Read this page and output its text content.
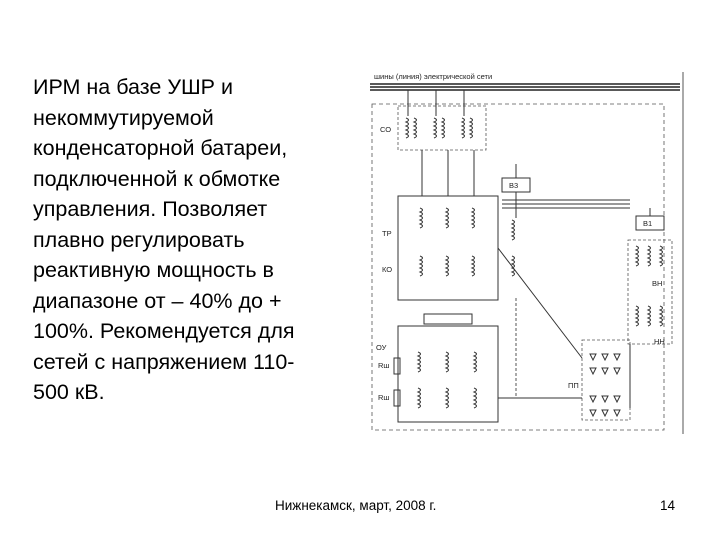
ИРМ на базе УШР и
некоммутируемой
конденсаторной батареи,
подключенной к обмотке
управления. Позволяет
плавно регулировать
реактивную мощность в
диапазоне от – 40% до +
100%. Рекомендуется для
сетей с напряжением 110-
500 кВ.
шины (линия) электрической сети
СО
ТР
КО
В3
В1
ВН
НН
ОУ
Rш
Rш
ПП
Нижнекамск, март, 2008 г.	14
